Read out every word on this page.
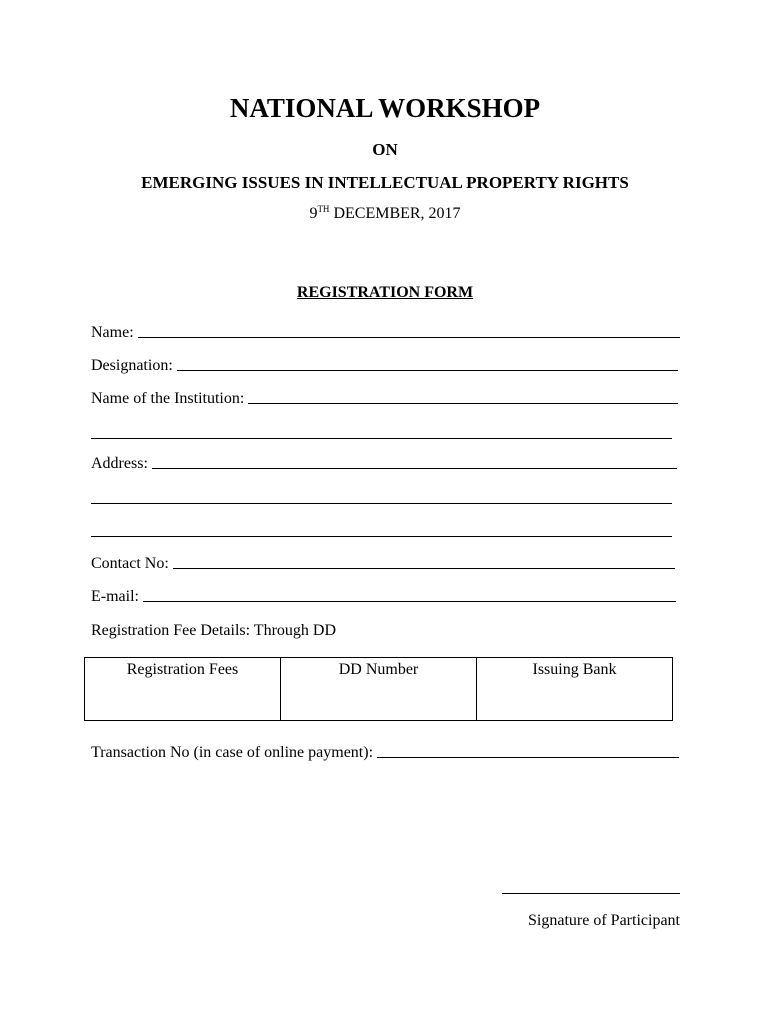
NATIONAL WORKSHOP
ON
EMERGING ISSUES IN INTELLECTUAL PROPERTY RIGHTS
9TH DECEMBER, 2017
REGISTRATION FORM
Name:
Designation:
Name of the Institution:
Address:
Contact No:
E-mail:
Registration Fee Details: Through DD
Registration Fees	DD Number	Issuing Bank
Transaction No (in case of online payment):
Signature of Participant
